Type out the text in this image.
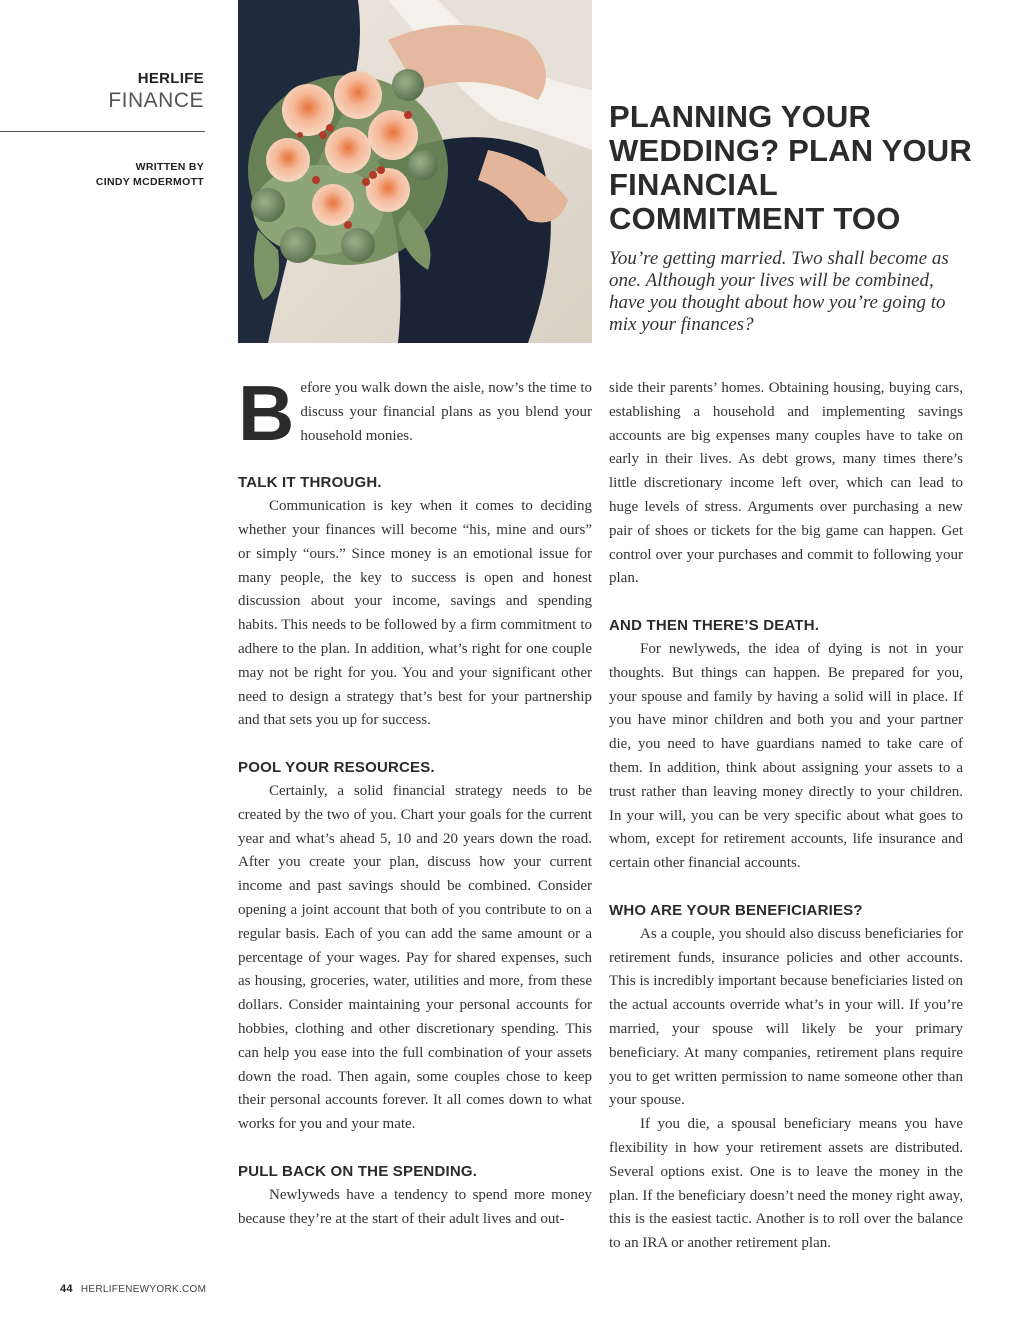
HERLIFE
FINANCE
WRITTEN BY
CINDY MCDERMOTT
PLANNING YOUR WEDDING? PLAN YOUR FINANCIAL COMMITMENT TOO

You’re getting married. Two shall become as one. Although your lives will be combined, have you thought about how you’re going to mix your finances?

Before you walk down the aisle, now’s the time to discuss your financial plans as you blend your household monies.

TALK IT THROUGH.

Communication is key when it comes to deciding whether your finances will become “his, mine and ours” or simply “ours.” Since money is an emotional issue for many people, the key to success is open and honest discussion about your income, savings and spending habits. This needs to be followed by a firm commitment to adhere to the plan. In addition, what’s right for one couple may not be right for you. You and your significant other need to design a strategy that’s best for your partnership and that sets you up for success.

POOL YOUR RESOURCES.

Certainly, a solid financial strategy needs to be created by the two of you. Chart your goals for the current year and what’s ahead 5, 10 and 20 years down the road. After you create your plan, discuss how your current income and past savings should be combined. Consider opening a joint account that both of you contribute to on a regular basis. Each of you can add the same amount or a percentage of your wages. Pay for shared expenses, such as housing, groceries, water, utilities and more, from these dollars. Consider maintaining your personal accounts for hobbies, clothing and other discretionary spending. This can help you ease into the full combination of your assets down the road. Then again, some couples chose to keep their personal accounts forever. It all comes down to what works for you and your mate.

PULL BACK ON THE SPENDING.

Newlyweds have a tendency to spend more money because they’re at the start of their adult lives and out-

side their parents’ homes. Obtaining housing, buying cars, establishing a household and implementing savings accounts are big expenses many couples have to take on early in their lives. As debt grows, many times there’s little discretionary income left over, which can lead to huge levels of stress. Arguments over purchasing a new pair of shoes or tickets for the big game can happen. Get control over your purchases and commit to following your plan.

AND THEN THERE’S DEATH.

For newlyweds, the idea of dying is not in your thoughts. But things can happen. Be prepared for you, your spouse and family by having a solid will in place. If you have minor children and both you and your partner die, you need to have guardians named to take care of them. In addition, think about assigning your assets to a trust rather than leaving money directly to your children. In your will, you can be very specific about what goes to whom, except for retirement accounts, life insurance and certain other financial accounts.

WHO ARE YOUR BENEFICIARIES?

As a couple, you should also discuss beneficiaries for retirement funds, insurance policies and other accounts. This is incredibly important because beneficiaries listed on the actual accounts override what’s in your will. If you’re married, your spouse will likely be your primary beneficiary. At many companies, retirement plans require you to get written permission to name someone other than your spouse.

If you die, a spousal beneficiary means you have flexibility in how your retirement assets are distributed. Several options exist. One is to leave the money in the plan. If the beneficiary doesn’t need the money right away, this is the easiest tactic. Another is to roll over the balance to an IRA or another retirement plan.

44 HERLIFENEWYORK.COM
